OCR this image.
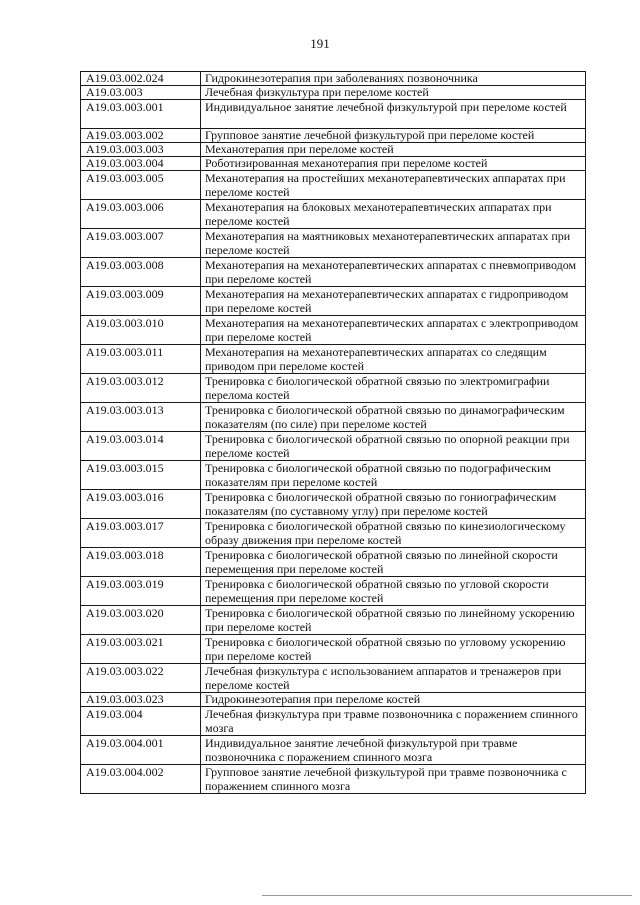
191
A19.03.002.024	Гидрокинезотерапия при заболеваниях позвоночника
A19.03.003	Лечебная физкультура при переломе костей
A19.03.003.001	Индивидуальное занятие лечебной физкультурой при переломе костей
A19.03.003.002	Групповое занятие лечебной физкультурой при переломе костей
A19.03.003.003	Механотерапия при переломе костей
A19.03.003.004	Роботизированная механотерапия при переломе костей
A19.03.003.005	Механотерапия на простейших механотерапевтических аппаратах при переломе костей
A19.03.003.006	Механотерапия на блоковых механотерапевтических аппаратах при переломе костей
A19.03.003.007	Механотерапия на маятниковых механотерапевтических аппаратах при переломе костей
A19.03.003.008	Механотерапия на механотерапевтических аппаратах с пневмоприводом при переломе костей
A19.03.003.009	Механотерапия на механотерапевтических аппаратах с гидроприводом при переломе костей
A19.03.003.010	Механотерапия на механотерапевтических аппаратах с электроприводом при переломе костей
A19.03.003.011	Механотерапия на механотерапевтических аппаратах со следящим приводом при переломе костей
A19.03.003.012	Тренировка с биологической обратной связью по электромиграфии перелома костей
A19.03.003.013	Тренировка с биологической обратной связью по динамографическим показателям (по силе) при переломе костей
A19.03.003.014	Тренировка с биологической обратной связью по опорной реакции при переломе костей
A19.03.003.015	Тренировка с биологической обратной связью по подографическим показателям при переломе костей
A19.03.003.016	Тренировка с биологической обратной связью по гониографическим показателям (по суставному углу) при переломе костей
A19.03.003.017	Тренировка с биологической обратной связью по кинезиологическому образу движения при переломе костей
A19.03.003.018	Тренировка с биологической обратной связью по линейной скорости перемещения при переломе костей
A19.03.003.019	Тренировка с биологической обратной связью по угловой скорости перемещения при переломе костей
A19.03.003.020	Тренировка с биологической обратной связью по линейному ускорению при переломе костей
A19.03.003.021	Тренировка с биологической обратной связью по угловому ускорению при переломе костей
A19.03.003.022	Лечебная физкультура с использованием аппаратов и тренажеров при переломе костей
A19.03.003.023	Гидрокинезотерапия при переломе костей
A19.03.004	Лечебная физкультура при травме позвоночника с поражением спинного мозга
A19.03.004.001	Индивидуальное занятие лечебной физкультурой при травме позвоночника с поражением спинного мозга
A19.03.004.002	Групповое занятие лечебной физкультурой при травме позвоночника с поражением спинного мозга
